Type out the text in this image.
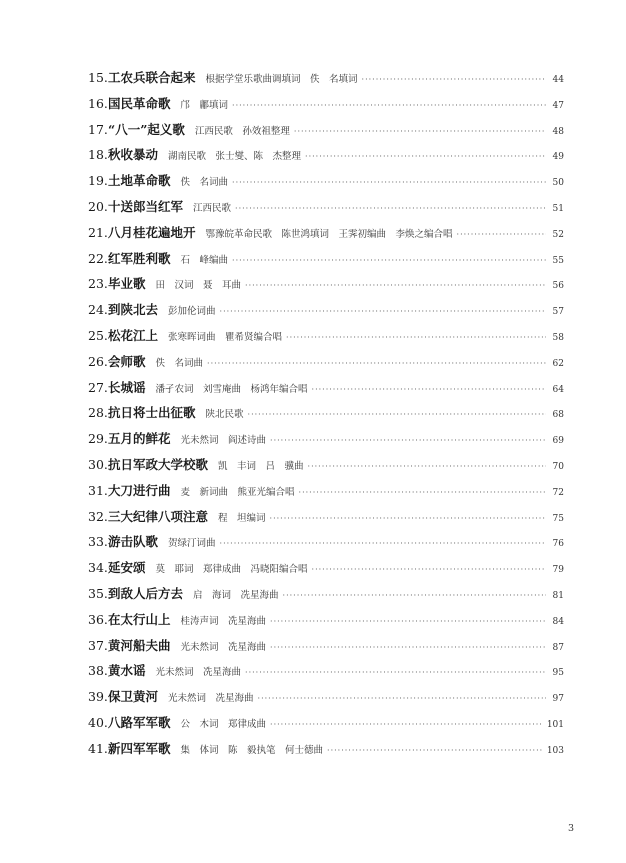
15. 工农兵联合起来 根据学堂乐歌曲调填词　佚　名填词 ·····	44
16. 国民革命歌 邝　鄘填词 ·····	47
17. “八一”起义歌 江西民歌　孙效祖整理 ·····	48
18. 秋收暴动 湖南民歌　张士燮、陈　杰整理 ·····	49
19. 土地革命歌 佚　名词曲 ·····	50
20. 十送郎当红军 江西民歌 ·····	51
21. 八月桂花遍地开 鄂豫皖革命民歌　陈世鸿填词　王霁初编曲　李焕之编合唱 ·····	52
22. 红军胜利歌 石　峰编曲 ·····	55
23. 毕业歌 田　汉词　聂　耳曲 ·····	56
24. 到陕北去 彭加伦词曲 ·····	57
25. 松花江上 张寒晖词曲　瞿希贤编合唱 ·····	58
26. 会师歌 佚　名词曲 ·····	62
27. 长城谣 潘孑农词　刘雪庵曲　杨鸿年编合唱 ·····	64
28. 抗日将士出征歌 陕北民歌 ·····	68
29. 五月的鲜花 光未然词　阎述诗曲 ·····	69
30. 抗日军政大学校歌 凯　丰词　吕　骥曲 ·····	70
31. 大刀进行曲 麦　新词曲　熊亚光编合唱 ·····	72
32. 三大纪律八项注意 程　坦编词 ·····	75
33. 游击队歌 贺绿汀词曲 ·····	76
34. 延安颂 莫　耶词　郑律成曲　冯晓阳编合唱 ·····	79
35. 到敌人后方去 启　海词　冼星海曲 ·····	81
36. 在太行山上 桂涛声词　冼星海曲 ·····	84
37. 黄河船夫曲 光未然词　冼星海曲 ·····	87
38. 黄水谣 光未然词　冼星海曲 ·····	95
39. 保卫黄河 光未然词　冼星海曲 ·····	97
40. 八路军军歌 公　木词　郑律成曲 ·····	101
41. 新四军军歌 集　体词　陈　毅执笔　何士德曲 ·····	103
3
